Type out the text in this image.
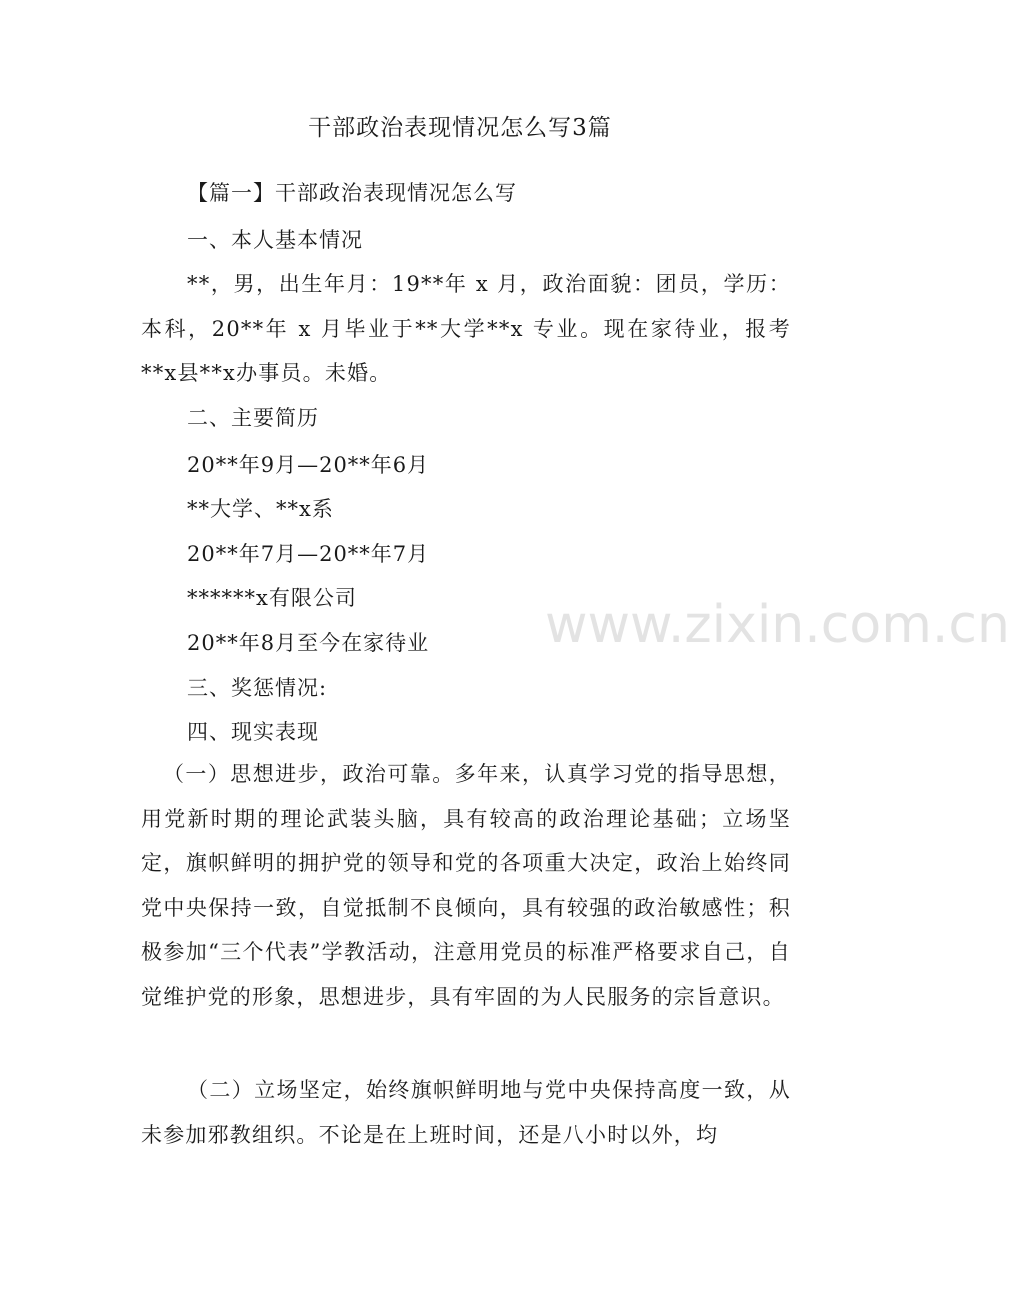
干部政治表现情况怎么写3篇
【篇一】干部政治表现情况怎么写
一、本人基本情况
**，男，出生年月：19**年 x 月，政治面貌：团员，学历：本科，20**年 x 月毕业于**大学**x 专业。现在家待业，报考**x县**x办事员。未婚。
二、主要简历
20**年9月—20**年6月
**大学、**x系
20**年7月—20**年7月
******x有限公司
20**年8月至今在家待业
三、奖惩情况:
四、现实表现
（一）思想进步，政治可靠。多年来，认真学习党的指导思想，用党新时期的理论武装头脑，具有较高的政治理论基础；立场坚定，旗帜鲜明的拥护党的领导和党的各项重大决定，政治上始终同党中央保持一致，自觉抵制不良倾向，具有较强的政治敏感性；积极参加“三个代表”学教活动，注意用党员的标准严格要求自己，自觉维护党的形象，思想进步，具有牢固的为人民服务的宗旨意识。
（二）立场坚定，始终旗帜鲜明地与党中央保持高度一致，从未参加邪教组织。不论是在上班时间，还是八小时以外，均
www.zixin.com.cn
